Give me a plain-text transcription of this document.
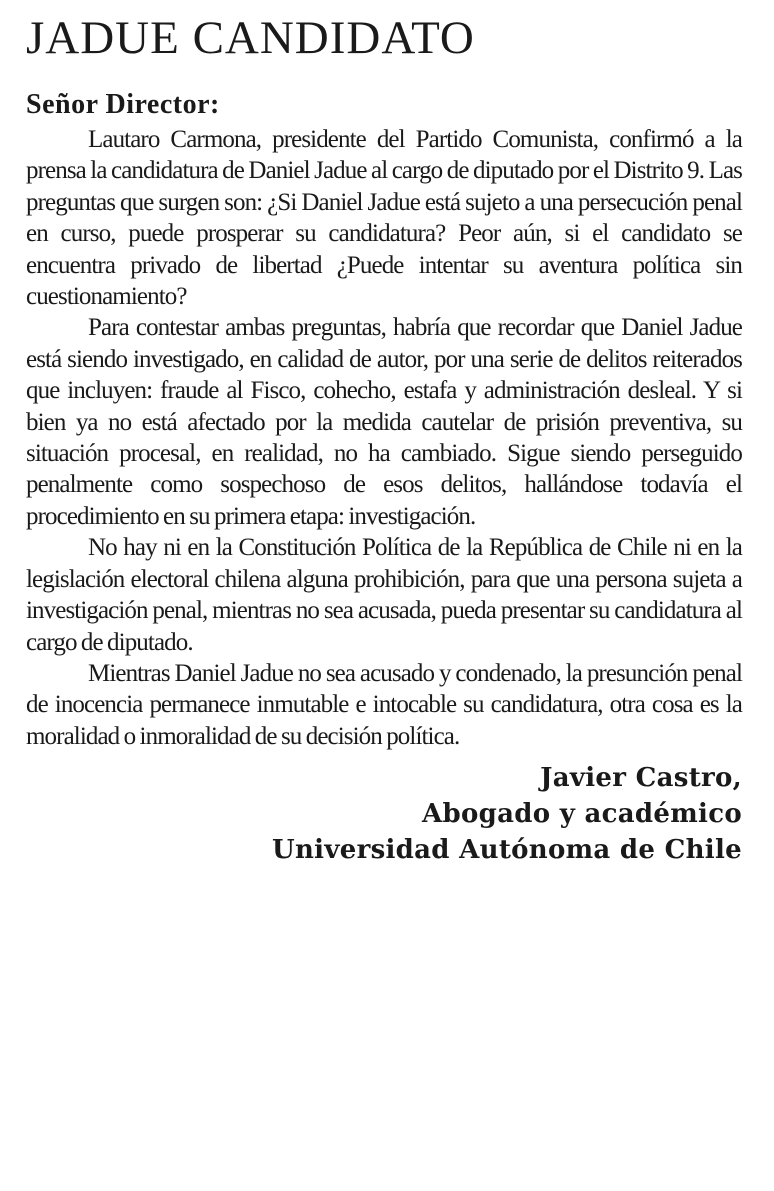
JADUE CANDIDATO
Señor Director:

Lautaro Carmona, presidente del Partido Comunista, confirmó a la prensa la candidatura de Daniel Jadue al cargo de diputado por el Distrito 9. Las preguntas que surgen son: ¿Si Daniel Jadue está sujeto a una persecución penal en curso, puede prosperar su candidatura? Peor aún, si el candidato se encuentra privado de libertad ¿Puede intentar su aventura política sin cuestionamiento?

Para contestar ambas preguntas, habría que recordar que Daniel Jadue está siendo investigado, en calidad de autor, por una serie de delitos reiterados que incluyen: fraude al Fisco, cohecho, estafa y administración desleal. Y si bien ya no está afectado por la medida cautelar de prisión preventiva, su situación procesal, en realidad, no ha cambiado. Sigue siendo perseguido penalmente como sospechoso de esos delitos, hallándose todavía el procedimiento en su primera etapa: investigación.

No hay ni en la Constitución Política de la República de Chile ni en la legislación electoral chilena alguna prohibición, para que una persona sujeta a investigación penal, mientras no sea acusada, pueda presentar su candidatura al cargo de diputado.

Mientras Daniel Jadue no sea acusado y condenado, la presunción penal de inocencia permanece inmutable e intocable su candidatura, otra cosa es la moralidad o inmoralidad de su decisión política.

Javier Castro,
Abogado y académico
Universidad Autónoma de Chile
